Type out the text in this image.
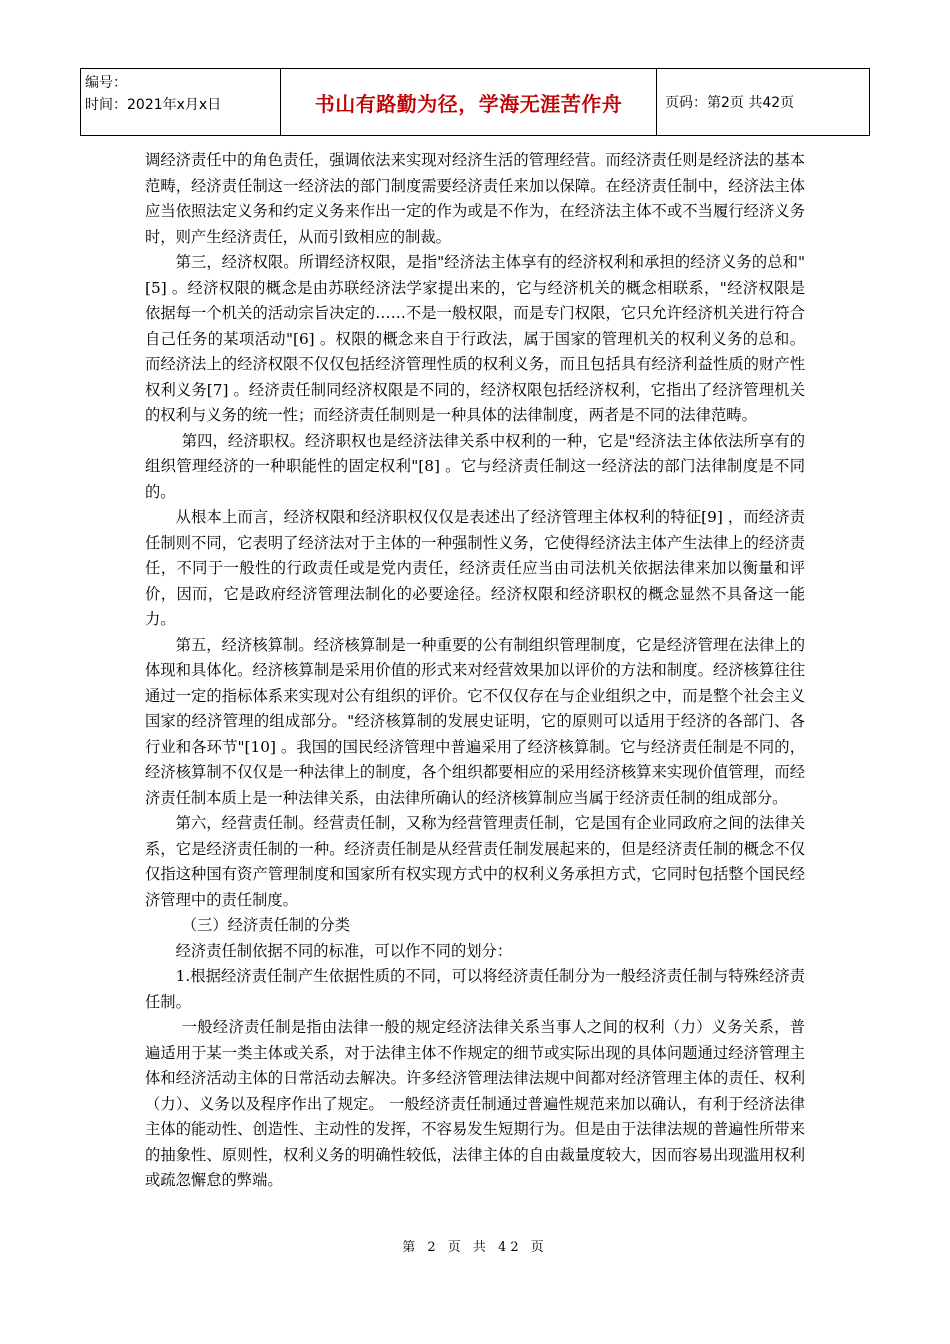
编号：
时间：2021年x月x日	书山有路勤为径，学海无涯苦作舟	页码：第2页 共42页

调经济责任中的角色责任，强调依法来实现对经济生活的管理经营。而经济责任则是经济法的基本范畴，经济责任制这一经济法的部门制度需要经济责任来加以保障。在经济责任制中，经济法主体应当依照法定义务和约定义务来作出一定的作为或是不作为，在经济法主体不或不当履行经济义务时，则产生经济责任，从而引致相应的制裁。

第三，经济权限。所谓经济权限，是指"经济法主体享有的经济权利和承担的经济义务的总和"[5] 。经济权限的概念是由苏联经济法学家提出来的，它与经济机关的概念相联系，"经济权限是依据每一个机关的活动宗旨决定的……不是一般权限，而是专门权限，它只允许经济机关进行符合自己任务的某项活动"[6] 。权限的概念来自于行政法，属于国家的管理机关的权利义务的总和。而经济法上的经济权限不仅仅包括经济管理性质的权利义务，而且包括具有经济利益性质的财产性权利义务[7] 。经济责任制同经济权限是不同的，经济权限包括经济权利，它指出了经济管理机关的权利与义务的统一性；而经济责任制则是一种具体的法律制度，两者是不同的法律范畴。

第四，经济职权。经济职权也是经济法律关系中权利的一种，它是"经济法主体依法所享有的组织管理经济的一种职能性的固定权利"[8] 。它与经济责任制这一经济法的部门法律制度是不同的。

从根本上而言，经济权限和经济职权仅仅是表述出了经济管理主体权利的特征[9] ，而经济责任制则不同，它表明了经济法对于主体的一种强制性义务，它使得经济法主体产生法律上的经济责任，不同于一般性的行政责任或是党内责任，经济责任应当由司法机关依据法律来加以衡量和评价，因而，它是政府经济管理法制化的必要途径。经济权限和经济职权的概念显然不具备这一能力。

第五，经济核算制。经济核算制是一种重要的公有制组织管理制度，它是经济管理在法律上的体现和具体化。经济核算制是采用价值的形式来对经营效果加以评价的方法和制度。经济核算往往通过一定的指标体系来实现对公有组织的评价。它不仅仅存在与企业组织之中，而是整个社会主义国家的经济管理的组成部分。"经济核算制的发展史证明，它的原则可以适用于经济的各部门、各行业和各环节"[10] 。我国的国民经济管理中普遍采用了经济核算制。它与经济责任制是不同的，经济核算制不仅仅是一种法律上的制度，各个组织都要相应的采用经济核算来实现价值管理，而经济责任制本质上是一种法律关系，由法律所确认的经济核算制应当属于经济责任制的组成部分。

第六，经营责任制。经营责任制，又称为经营管理责任制，它是国有企业同政府之间的法律关系，它是经济责任制的一种。经济责任制是从经营责任制发展起来的，但是经济责任制的概念不仅仅指这种国有资产管理制度和国家所有权实现方式中的权利义务承担方式，它同时包括整个国民经济管理中的责任制度。

（三）经济责任制的分类

经济责任制依据不同的标准，可以作不同的划分：

1.根据经济责任制产生依据性质的不同，可以将经济责任制分为一般经济责任制与特殊经济责任制。

一般经济责任制是指由法律一般的规定经济法律关系当事人之间的权利（力）义务关系，普遍适用于某一类主体或关系，对于法律主体不作规定的细节或实际出现的具体问题通过经济管理主体和经济活动主体的日常活动去解决。许多经济管理法律法规中间都对经济管理主体的责任、权利（力）、义务以及程序作出了规定。 一般经济责任制通过普遍性规范来加以确认，有利于经济法律主体的能动性、创造性、主动性的发挥，不容易发生短期行为。但是由于法律法规的普遍性所带来的抽象性、原则性，权利义务的明确性较低，法律主体的自由裁量度较大，因而容易出现滥用权利或疏忽懈怠的弊端。

第 2 页 共 42 页
